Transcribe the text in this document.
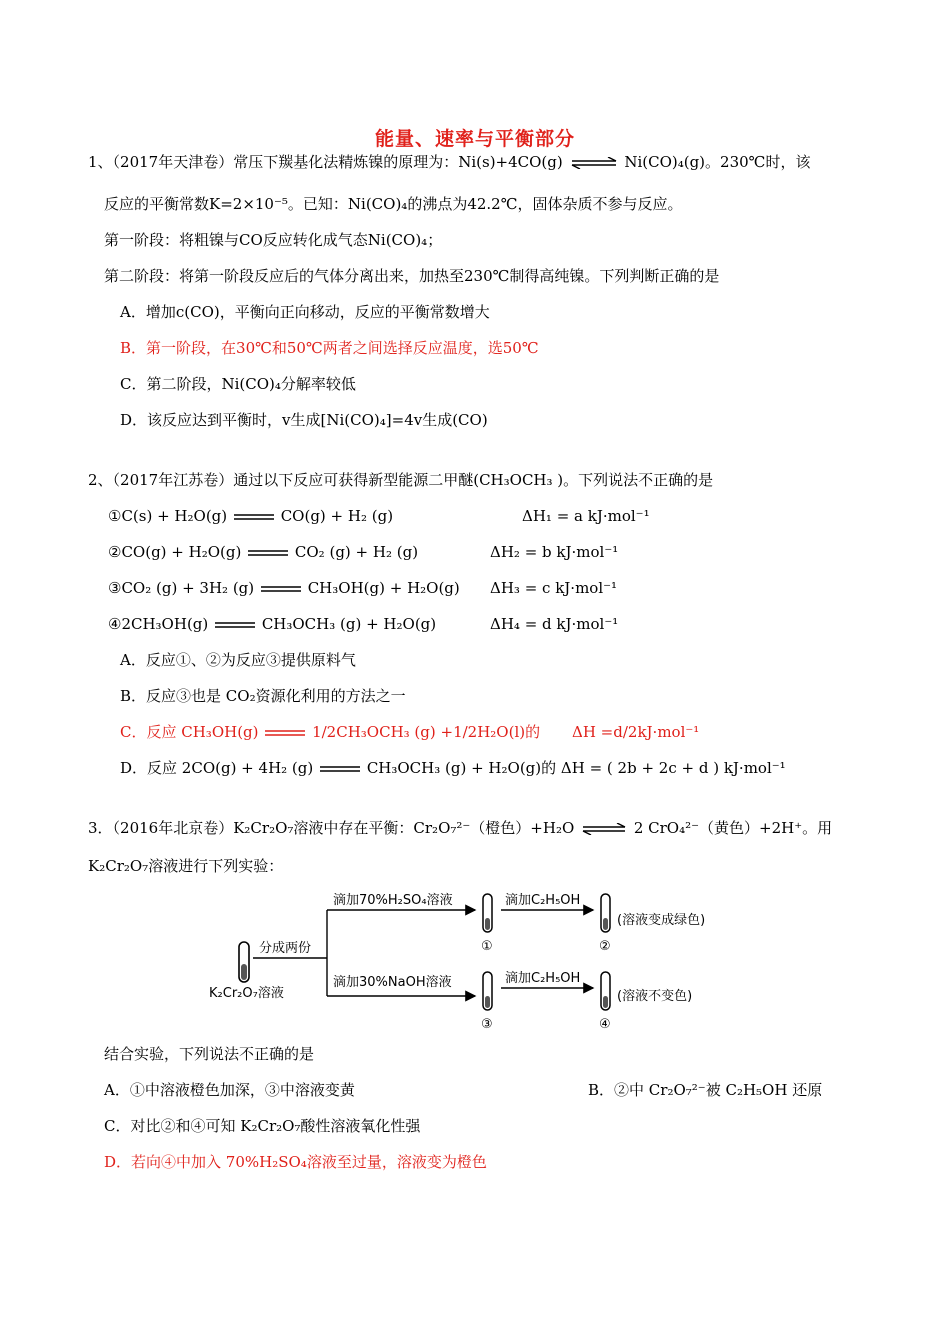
能量、速率与平衡部分
1、（2017年天津卷）常压下羰基化法精炼镍的原理为：Ni(s)+4CO(g) ⇌ Ni(CO)₄(g)。230℃时，该
反应的平衡常数K=2×10⁻⁵。已知：Ni(CO)₄的沸点为42.2℃，固体杂质不参与反应。
第一阶段：将粗镍与CO反应转化成气态Ni(CO)₄；
第二阶段：将第一阶段反应后的气体分离出来，加热至230℃制得高纯镍。下列判断正确的是
A．增加c(CO)，平衡向正向移动，反应的平衡常数增大
B．第一阶段，在30℃和50℃两者之间选择反应温度，选50℃
C．第二阶段，Ni(CO)₄分解率较低
D．该反应达到平衡时，v生成[Ni(CO)₄]=4v生成(CO)
2、（2017年江苏卷）通过以下反应可获得新型能源二甲醚(CH₃OCH₃ )。下列说法不正确的是
①C(s) + H₂O(g)	CO(g) + H₂ (g)	ΔH₁ = a kJ·mol⁻¹
②CO(g) + H₂O(g)	CO₂ (g) + H₂ (g)	ΔH₂ = b kJ·mol⁻¹
③CO₂ (g) + 3H₂ (g)	CH₃OH(g) + H₂O(g) ΔH₃ = c kJ·mol⁻¹
④2CH₃OH(g)	CH₃OCH₃ (g) + H₂O(g)	ΔH₄ = d kJ·mol⁻¹
A．反应①、②为反应③提供原料气
B．反应③也是 CO₂资源化利用的方法之一
C．反应 CH₃OH(g)	1/2CH₃OCH₃ (g) +1/2H₂O(l)的 ΔH =d/2kJ·mol⁻¹
D．反应 2CO(g) + 4H₂ (g)	CH₃OCH₃ (g) + H₂O(g)的 ΔH = ( 2b + 2c + d ) kJ·mol⁻¹
3．（2016年北京卷）K₂Cr₂O₇溶液中存在平衡：Cr₂O₇²⁻（橙色）+H₂O ⇌ 2 CrO₄²⁻（黄色）+2H⁺。用
K₂Cr₂O₇溶液进行下列实验：
K₂Cr₂O₇溶液
分成两份
滴加70%H₂SO₄溶液
①
滴加C₂H₅OH
②
(溶液变成绿色)
滴加30%NaOH溶液
③
滴加C₂H₅OH
④
(溶液不变色)
结合实验，下列说法不正确的是
A．①中溶液橙色加深，③中溶液变黄	B．②中 Cr₂O₇²⁻被 C₂H₅OH 还原
C．对比②和④可知 K₂Cr₂O₇酸性溶液氧化性强
D．若向④中加入 70%H₂SO₄溶液至过量，溶液变为橙色
